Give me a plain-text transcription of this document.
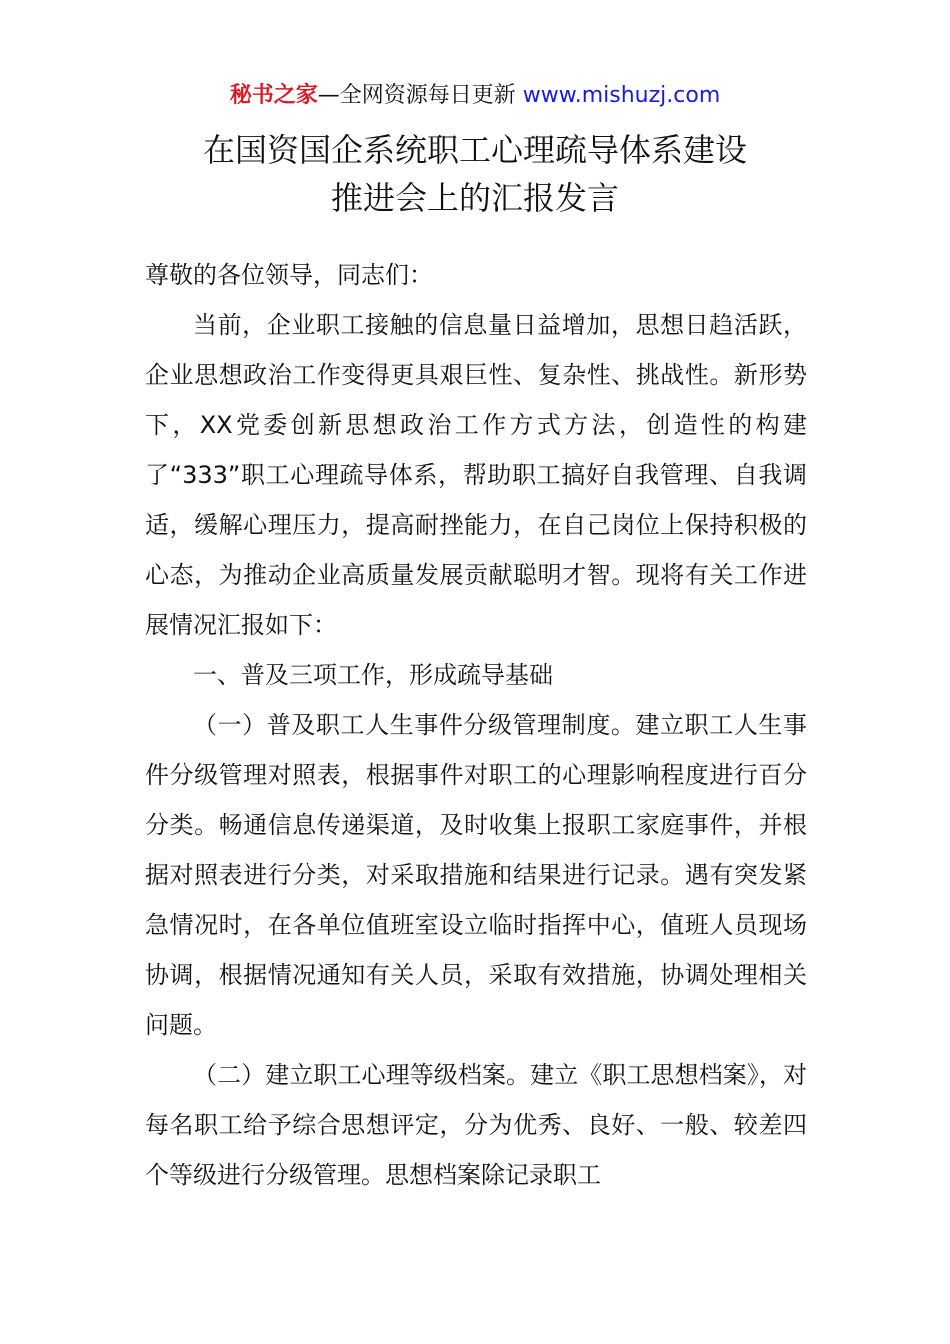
秘书之家—全网资源每日更新 www.mishuzj.com
在国资国企系统职工心理疏导体系建设
推进会上的汇报发言

尊敬的各位领导，同志们：

当前，企业职工接触的信息量日益增加，思想日趋活跃，企业思想政治工作变得更具艰巨性、复杂性、挑战性。新形势下，XX党委创新思想政治工作方式方法，创造性的构建了“333”职工心理疏导体系，帮助职工搞好自我管理、自我调适，缓解心理压力，提高耐挫能力，在自己岗位上保持积极的心态，为推动企业高质量发展贡献聪明才智。现将有关工作进展情况汇报如下：

一、普及三项工作，形成疏导基础

（一）普及职工人生事件分级管理制度。建立职工人生事件分级管理对照表，根据事件对职工的心理影响程度进行百分分类。畅通信息传递渠道，及时收集上报职工家庭事件，并根据对照表进行分类，对采取措施和结果进行记录。遇有突发紧急情况时，在各单位值班室设立临时指挥中心，值班人员现场协调，根据情况通知有关人员，采取有效措施，协调处理相关问题。

（二）建立职工心理等级档案。建立《职工思想档案》，对每名职工给予综合思想评定，分为优秀、良好、一般、较差四个等级进行分级管理。思想档案除记录职工
